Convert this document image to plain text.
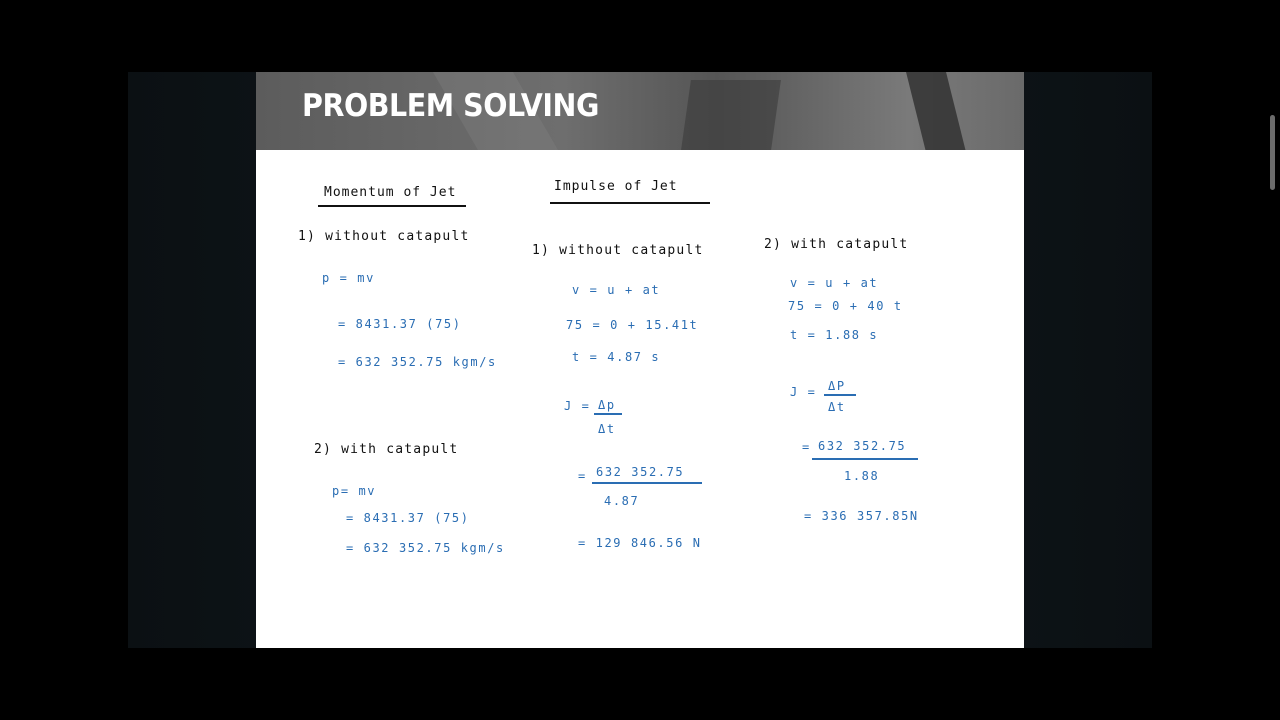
PROBLEM SOLVING
Momentum of Jet
1) without catapult
p = mv
= 8431.37 (75)
= 632 352.75 kgm/s
2) with catapult
p= mv
= 8431.37 (75)
= 632 352.75 kgm/s
Impulse of Jet
1) without catapult
v = u + at
75 = 0 + 15.41t
t = 4.87 s
J = Δp
Δt
= 632 352.75
4.87
= 129 846.56 N
2) with catapult
v = u + at
75 = 0 + 40 t
t = 1.88 s
J = ΔP
Δt
= 632 352.75
1.88
= 336 357.85N
